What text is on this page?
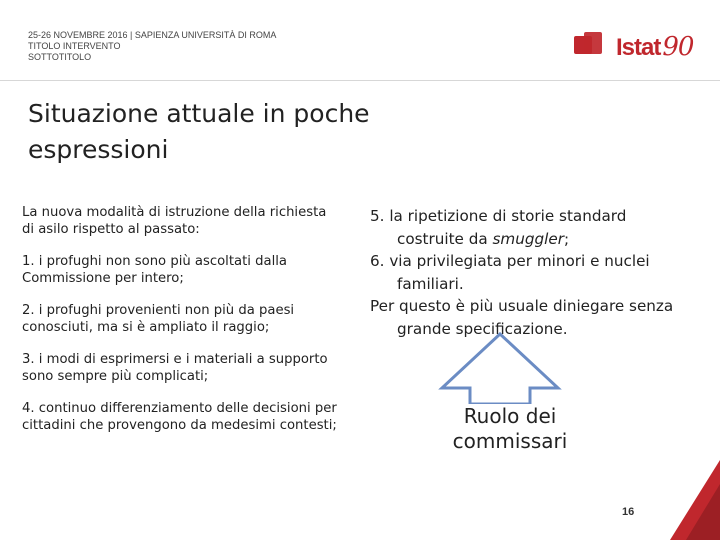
25-26 NOVEMBRE 2016 | SAPIENZA UNIVERSITÀ DI ROMA
TITOLO INTERVENTO
SOTTOTITOLO	Istat90
Situazione attuale in poche
espressioni

La nuova modalità di istruzione della richiesta di asilo rispetto al passato:

1. i profughi non sono più ascoltati dalla Commissione per intero;

2. i profughi provenienti non più da paesi conosciuti, ma si è ampliato il raggio;

3. i modi di esprimersi e i materiali a supporto sono sempre più complicati;

4. continuo differenziamento delle decisioni per cittadini che provengono da medesimi contesti;

5. la ripetizione di storie standard costruite da smuggler;

6. via privilegiata per minori e nuclei familiari.

Per questo è più usuale diniegare senza grande specificazione.

Ruolo dei commissari
16
